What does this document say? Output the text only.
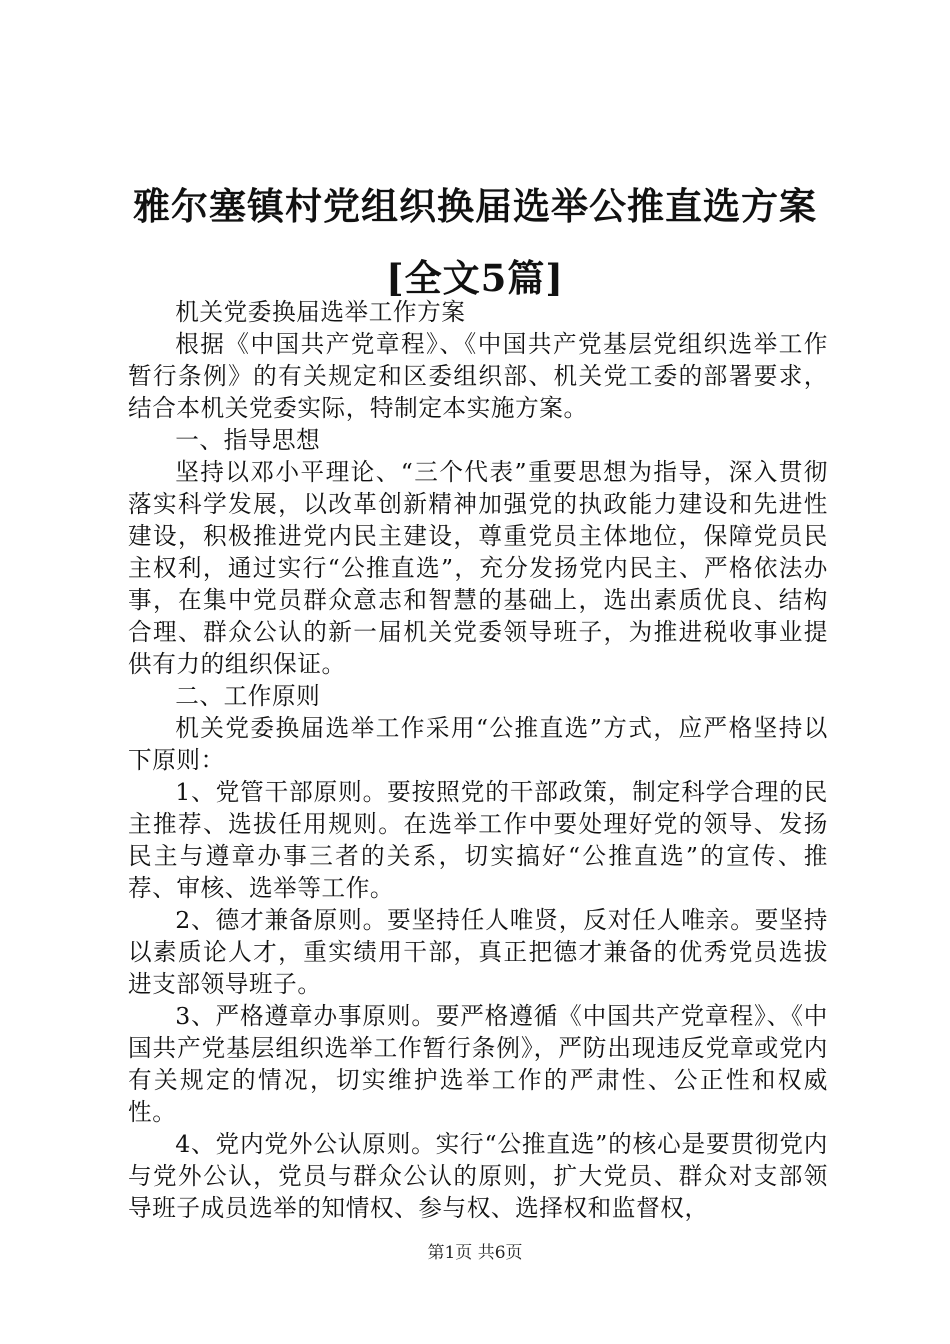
雅尔塞镇村党组织换届选举公推直选方案[全文5篇]

机关党委换届选举工作方案

根据《中国共产党章程》、《中国共产党基层党组织选举工作暂行条例》的有关规定和区委组织部、机关党工委的部署要求，结合本机关党委实际，特制定本实施方案。

一、指导思想

坚持以邓小平理论、“三个代表”重要思想为指导，深入贯彻落实科学发展，以改革创新精神加强党的执政能力建设和先进性建设，积极推进党内民主建设，尊重党员主体地位，保障党员民主权利，通过实行“公推直选”，充分发扬党内民主、严格依法办事，在集中党员群众意志和智慧的基础上，选出素质优良、结构合理、群众公认的新一届机关党委领导班子，为推进税收事业提供有力的组织保证。

二、工作原则

机关党委换届选举工作采用“公推直选”方式，应严格坚持以下原则：

1、党管干部原则。要按照党的干部政策，制定科学合理的民主推荐、选拔任用规则。在选举工作中要处理好党的领导、发扬民主与遵章办事三者的关系，切实搞好“公推直选”的宣传、推荐、审核、选举等工作。

2、德才兼备原则。要坚持任人唯贤，反对任人唯亲。要坚持以素质论人才，重实绩用干部，真正把德才兼备的优秀党员选拔进支部领导班子。

3、严格遵章办事原则。要严格遵循《中国共产党章程》、《中国共产党基层组织选举工作暂行条例》，严防出现违反党章或党内有关规定的情况，切实维护选举工作的严肃性、公正性和权威性。

4、党内党外公认原则。实行“公推直选”的核心是要贯彻党内与党外公认，党员与群众公认的原则，扩大党员、群众对支部领导班子成员选举的知情权、参与权、选择权和监督权，

第1页 共6页
